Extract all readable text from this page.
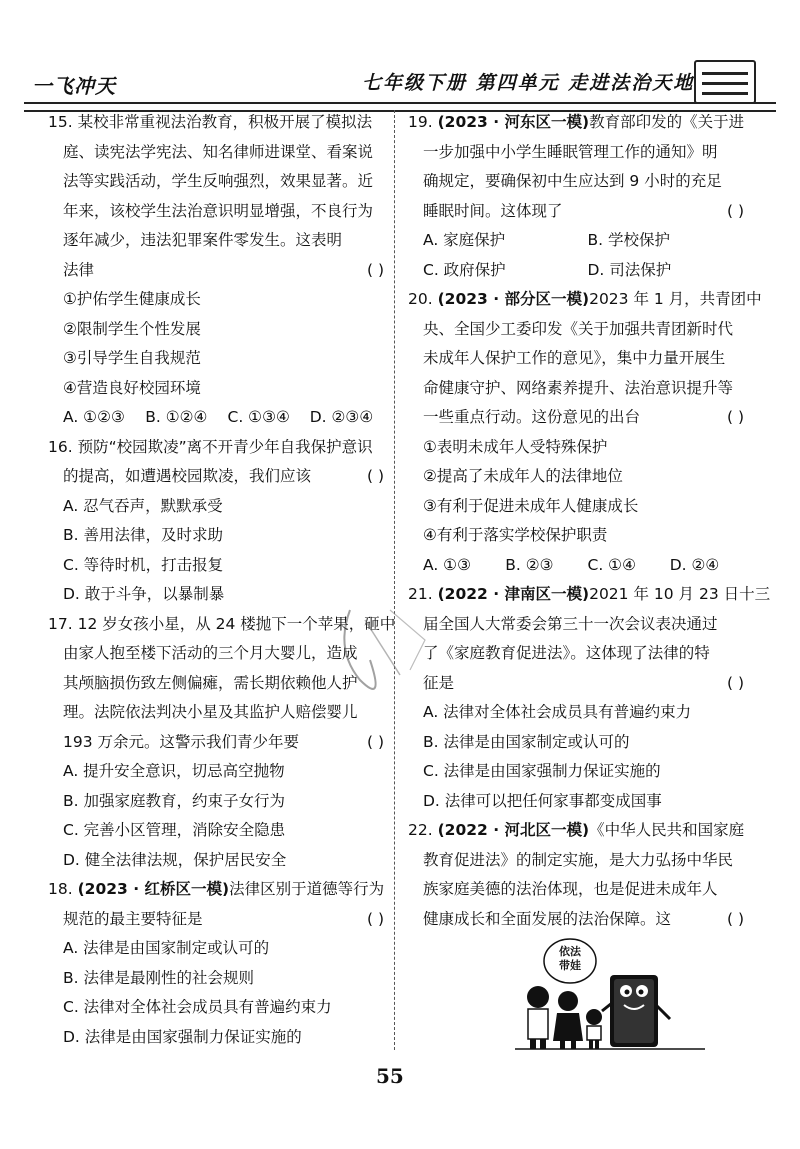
一飞冲天	七年级下册 第四单元 走进法治天地
15. 某校非常重视法治教育，积极开展了模拟法
庭、读宪法学宪法、知名律师进课堂、看案说
法等实践活动，学生反响强烈，效果显著。近
年来，该校学生法治意识明显增强，不良行为
逐年减少，违法犯罪案件零发生。这表明
法律	( )
①护佑学生健康成长
②限制学生个性发展
③引导学生自我规范
④营造良好校园环境
A. ①②③	B. ①②④	C. ①③④	D. ②③④
16. 预防“校园欺凌”离不开青少年自我保护意识
的提高，如遭遇校园欺凌，我们应该	( )
A. 忍气吞声，默默承受
B. 善用法律，及时求助
C. 等待时机，打击报复
D. 敢于斗争，以暴制暴
17. 12 岁女孩小星，从 24 楼抛下一个苹果，砸中
由家人抱至楼下活动的三个月大婴儿，造成
其颅脑损伤致左侧偏瘫，需长期依赖他人护
理。法院依法判决小星及其监护人赔偿婴儿
193 万余元。这警示我们青少年要	( )
A. 提升安全意识，切忌高空抛物
B. 加强家庭教育，约束子女行为
C. 完善小区管理，消除安全隐患
D. 健全法律法规，保护居民安全
18. (2023 · 红桥区一模)法律区别于道德等行为
规范的最主要特征是	( )
A. 法律是由国家制定或认可的
B. 法律是最刚性的社会规则
C. 法律对全体社会成员具有普遍约束力
D. 法律是由国家强制力保证实施的
19. (2023 · 河东区一模)教育部印发的《关于进
一步加强中小学生睡眠管理工作的通知》明
确规定，要确保初中生应达到 9 小时的充足
睡眠时间。这体现了	( )
A. 家庭保护	B. 学校保护
C. 政府保护	D. 司法保护
20. (2023 · 部分区一模)2023 年 1 月，共青团中
央、全国少工委印发《关于加强共青团新时代
未成年人保护工作的意见》，集中力量开展生
命健康守护、网络素养提升、法治意识提升等
一些重点行动。这份意见的出台	( )
①表明未成年人受特殊保护
②提高了未成年人的法律地位
③有利于促进未成年人健康成长
④有利于落实学校保护职责
A. ①③	B. ②③	C. ①④	D. ②④
21. (2022 · 津南区一模)2021 年 10 月 23 日十三
届全国人大常委会第三十一次会议表决通过
了《家庭教育促进法》。这体现了法律的特
征是	( )
A. 法律对全体社会成员具有普遍约束力
B. 法律是由国家制定或认可的
C. 法律是由国家强制力保证实施的
D. 法律可以把任何家事都变成国事
22. (2022 · 河北区一模)《中华人民共和国家庭
教育促进法》的制定实施，是大力弘扬中华民
族家庭美德的法治体现，也是促进未成年人
健康成长和全面发展的法治保障。这	( )
依法带娃
55
